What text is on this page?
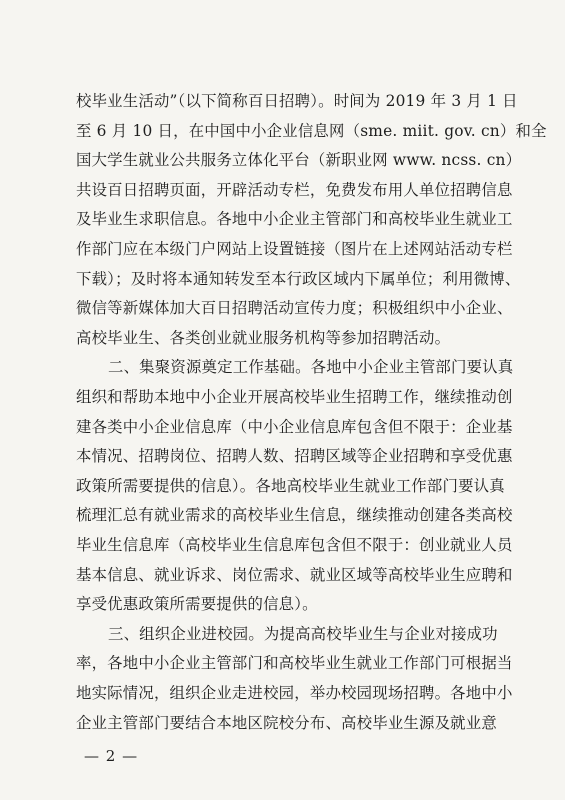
校毕业生活动”（以下简称百日招聘）。时间为 2019 年 3 月 1 日
至 6 月 10 日，在中国中小企业信息网（sme. miit. gov. cn）和全
国大学生就业公共服务立体化平台（新职业网 www. ncss. cn）
共设百日招聘页面，开辟活动专栏，免费发布用人单位招聘信息
及毕业生求职信息。各地中小企业主管部门和高校毕业生就业工
作部门应在本级门户网站上设置链接（图片在上述网站活动专栏
下载）；及时将本通知转发至本行政区域内下属单位；利用微博、
微信等新媒体加大百日招聘活动宣传力度；积极组织中小企业、
高校毕业生、各类创业就业服务机构等参加招聘活动。
二、集聚资源奠定工作基础。各地中小企业主管部门要认真
组织和帮助本地中小企业开展高校毕业生招聘工作，继续推动创
建各类中小企业信息库（中小企业信息库包含但不限于：企业基
本情况、招聘岗位、招聘人数、招聘区域等企业招聘和享受优惠
政策所需要提供的信息）。各地高校毕业生就业工作部门要认真
梳理汇总有就业需求的高校毕业生信息，继续推动创建各类高校
毕业生信息库（高校毕业生信息库包含但不限于：创业就业人员
基本信息、就业诉求、岗位需求、就业区域等高校毕业生应聘和
享受优惠政策所需要提供的信息）。
三、组织企业进校园。为提高高校毕业生与企业对接成功
率，各地中小企业主管部门和高校毕业生就业工作部门可根据当
地实际情况，组织企业走进校园，举办校园现场招聘。各地中小
企业主管部门要结合本地区院校分布、高校毕业生源及就业意
— 2 —
